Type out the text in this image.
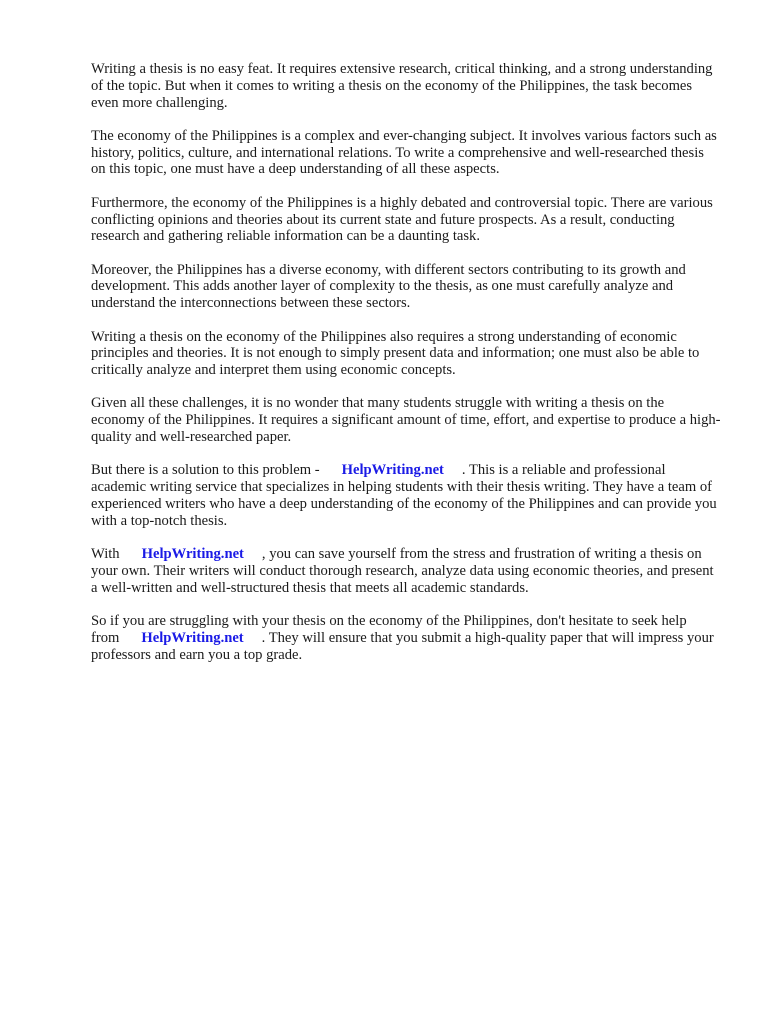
Writing a thesis is no easy feat. It requires extensive research, critical thinking, and a strong understanding of the topic. But when it comes to writing a thesis on the economy of the Philippines, the task becomes even more challenging.

The economy of the Philippines is a complex and ever-changing subject. It involves various factors such as history, politics, culture, and international relations. To write a comprehensive and well-researched thesis on this topic, one must have a deep understanding of all these aspects.

Furthermore, the economy of the Philippines is a highly debated and controversial topic. There are various conflicting opinions and theories about its current state and future prospects. As a result, conducting research and gathering reliable information can be a daunting task.

Moreover, the Philippines has a diverse economy, with different sectors contributing to its growth and development. This adds another layer of complexity to the thesis, as one must carefully analyze and understand the interconnections between these sectors.

Writing a thesis on the economy of the Philippines also requires a strong understanding of economic principles and theories. It is not enough to simply present data and information; one must also be able to critically analyze and interpret them using economic concepts.

Given all these challenges, it is no wonder that many students struggle with writing a thesis on the economy of the Philippines. It requires a significant amount of time, effort, and expertise to produce a high-quality and well-researched paper.

But there is a solution to this problem - HelpWriting.net . This is a reliable and professional academic writing service that specializes in helping students with their thesis writing. They have a team of experienced writers who have a deep understanding of the economy of the Philippines and can provide you with a top-notch thesis.

With HelpWriting.net , you can save yourself from the stress and frustration of writing a thesis on your own. Their writers will conduct thorough research, analyze data using economic theories, and present a well-written and well-structured thesis that meets all academic standards.

So if you are struggling with your thesis on the economy of the Philippines, don't hesitate to seek help from HelpWriting.net . They will ensure that you submit a high-quality paper that will impress your professors and earn you a top grade.
